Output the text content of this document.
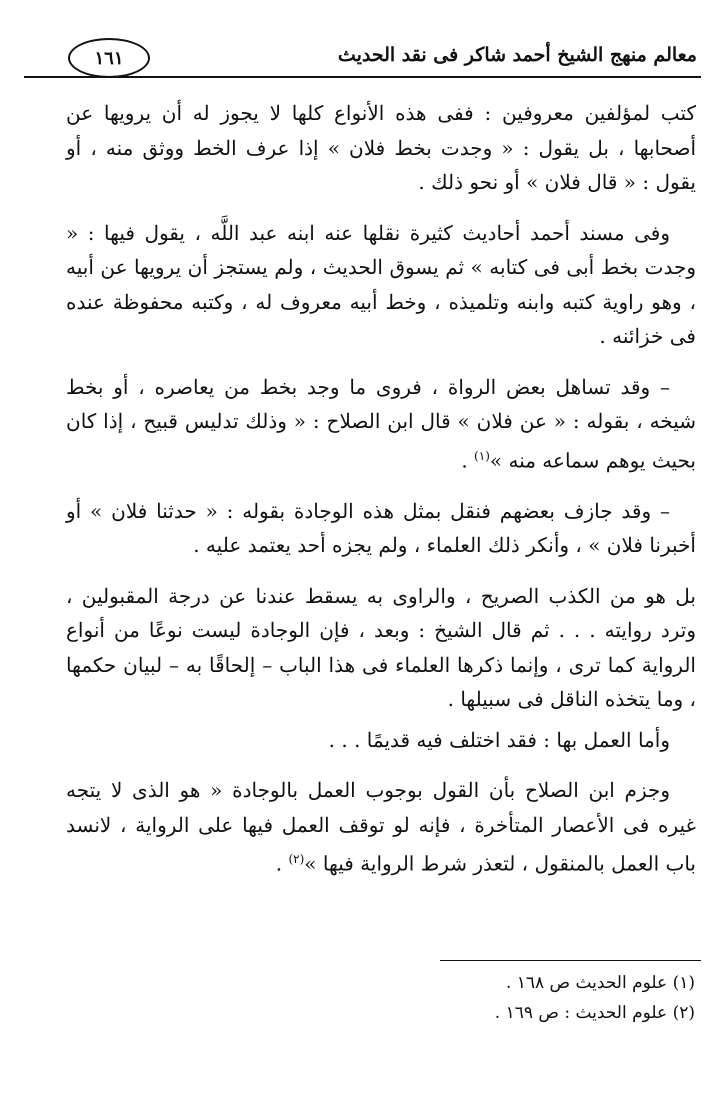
معالم منهج الشيخ أحمد شاكر فى نقد الحديث
١٦١

كتب لمؤلفين معروفين : ففى هذه الأنواع كلها لا يجوز له أن يرويها عن أصحابها ، بل يقول : « وجدت بخط فلان » إذا عرف الخط ووثق منه ، أو يقول : « قال فلان » أو نحو ذلك .

وفى مسند أحمد أحاديث كثيرة نقلها عنه ابنه عبد اللَّه ، يقول فيها : « وجدت بخط أبى فى كتابه » ثم يسوق الحديث ، ولم يستجز أن يرويها عن أبيه ، وهو راوية كتبه وابنه وتلميذه ، وخط أبيه معروف له ، وكتبه محفوظة عنده فى خزائنه .

– وقد تساهل بعض الرواة ، فروى ما وجد بخط من يعاصره ، أو بخط شيخه ، بقوله : « عن فلان » قال ابن الصلاح : « وذلك تدليس قبيح ، إذا كان بحيث يوهم سماعه منه »$^{(١)}$ .

– وقد جازف بعضهم فنقل بمثل هذه الوجادة بقوله : « حدثنا فلان » أو أخبرنا فلان » ، وأنكر ذلك العلماء ، ولم يجزه أحد يعتمد عليه .

بل هو من الكذب الصريح ، والراوى به يسقط عندنا عن درجة المقبولين ، وترد روايته . . . ثم قال الشيخ : وبعد ، فإن الوجادة ليست نوعًا من أنواع الرواية كما ترى ، وإنما ذكرها العلماء فى هذا الباب – إلحاقًا به – لبيان حكمها ، وما يتخذه الناقل فى سبيلها .

وأما العمل بها : فقد اختلف فيه قديمًا . . .

وجزم ابن الصلاح بأن القول بوجوب العمل بالوجادة « هو الذى لا يتجه غيره فى الأعصار المتأخرة ، فإنه لو توقف العمل فيها على الرواية ، لانسد باب العمل بالمنقول ، لتعذر شرط الرواية فيها »$^{(٢)}$ .

(١) علوم الحديث ص ١٦٨ .
(٢) علوم الحديث : ص ١٦٩ .
